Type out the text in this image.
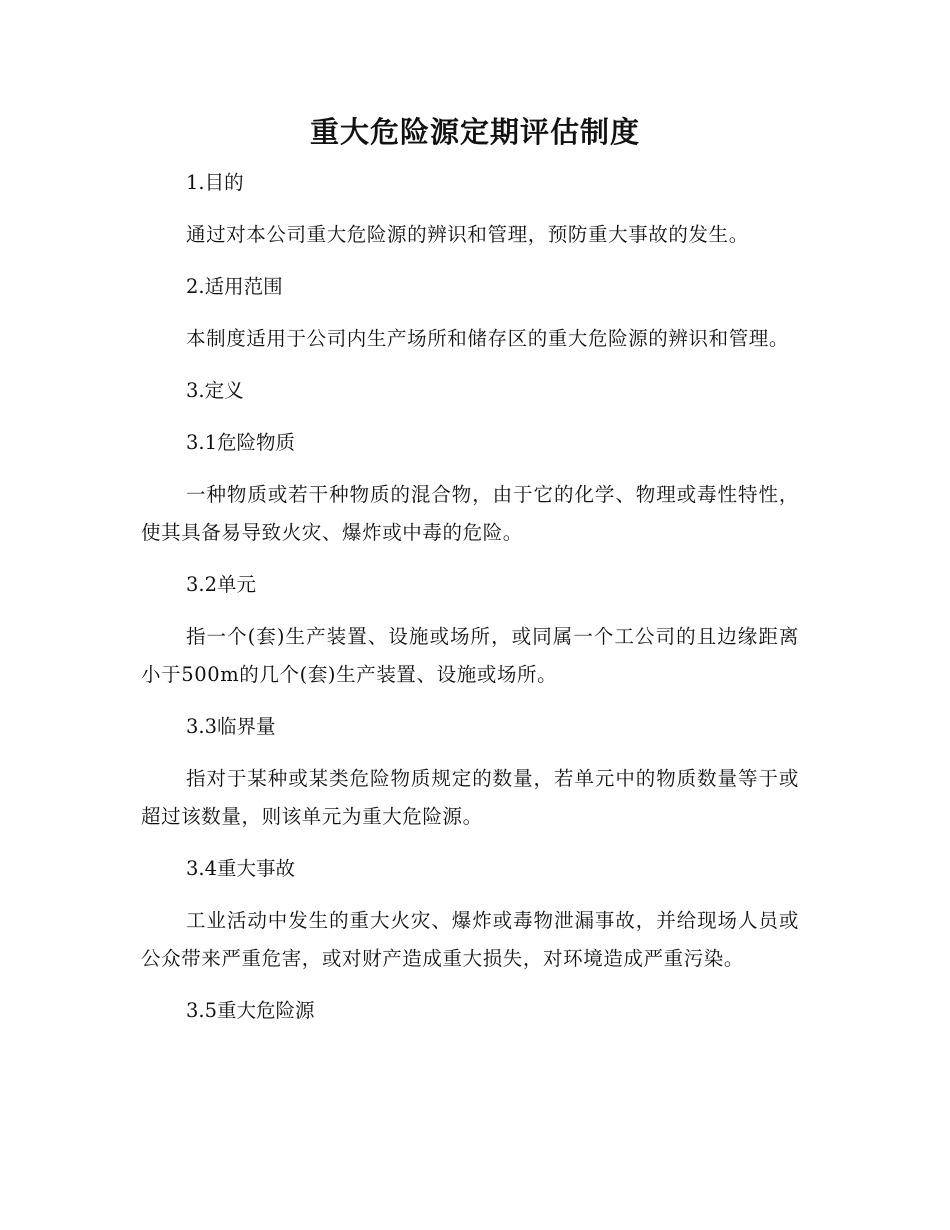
重大危险源定期评估制度
1.目的

通过对本公司重大危险源的辨识和管理，预防重大事故的发生。

2.适用范围

本制度适用于公司内生产场所和储存区的重大危险源的辨识和管理。

3.定义
3.1危险物质

一种物质或若干种物质的混合物，由于它的化学、物理或毒性特性，使其具备易导致火灾、爆炸或中毒的危险。

3.2单元

指一个(套)生产装置、设施或场所，或同属一个工公司的且边缘距离小于500m的几个(套)生产装置、设施或场所。

3.3临界量

指对于某种或某类危险物质规定的数量，若单元中的物质数量等于或超过该数量，则该单元为重大危险源。

3.4重大事故

工业活动中发生的重大火灾、爆炸或毒物泄漏事故，并给现场人员或公众带来严重危害，或对财产造成重大损失，对环境造成严重污染。

3.5重大危险源
